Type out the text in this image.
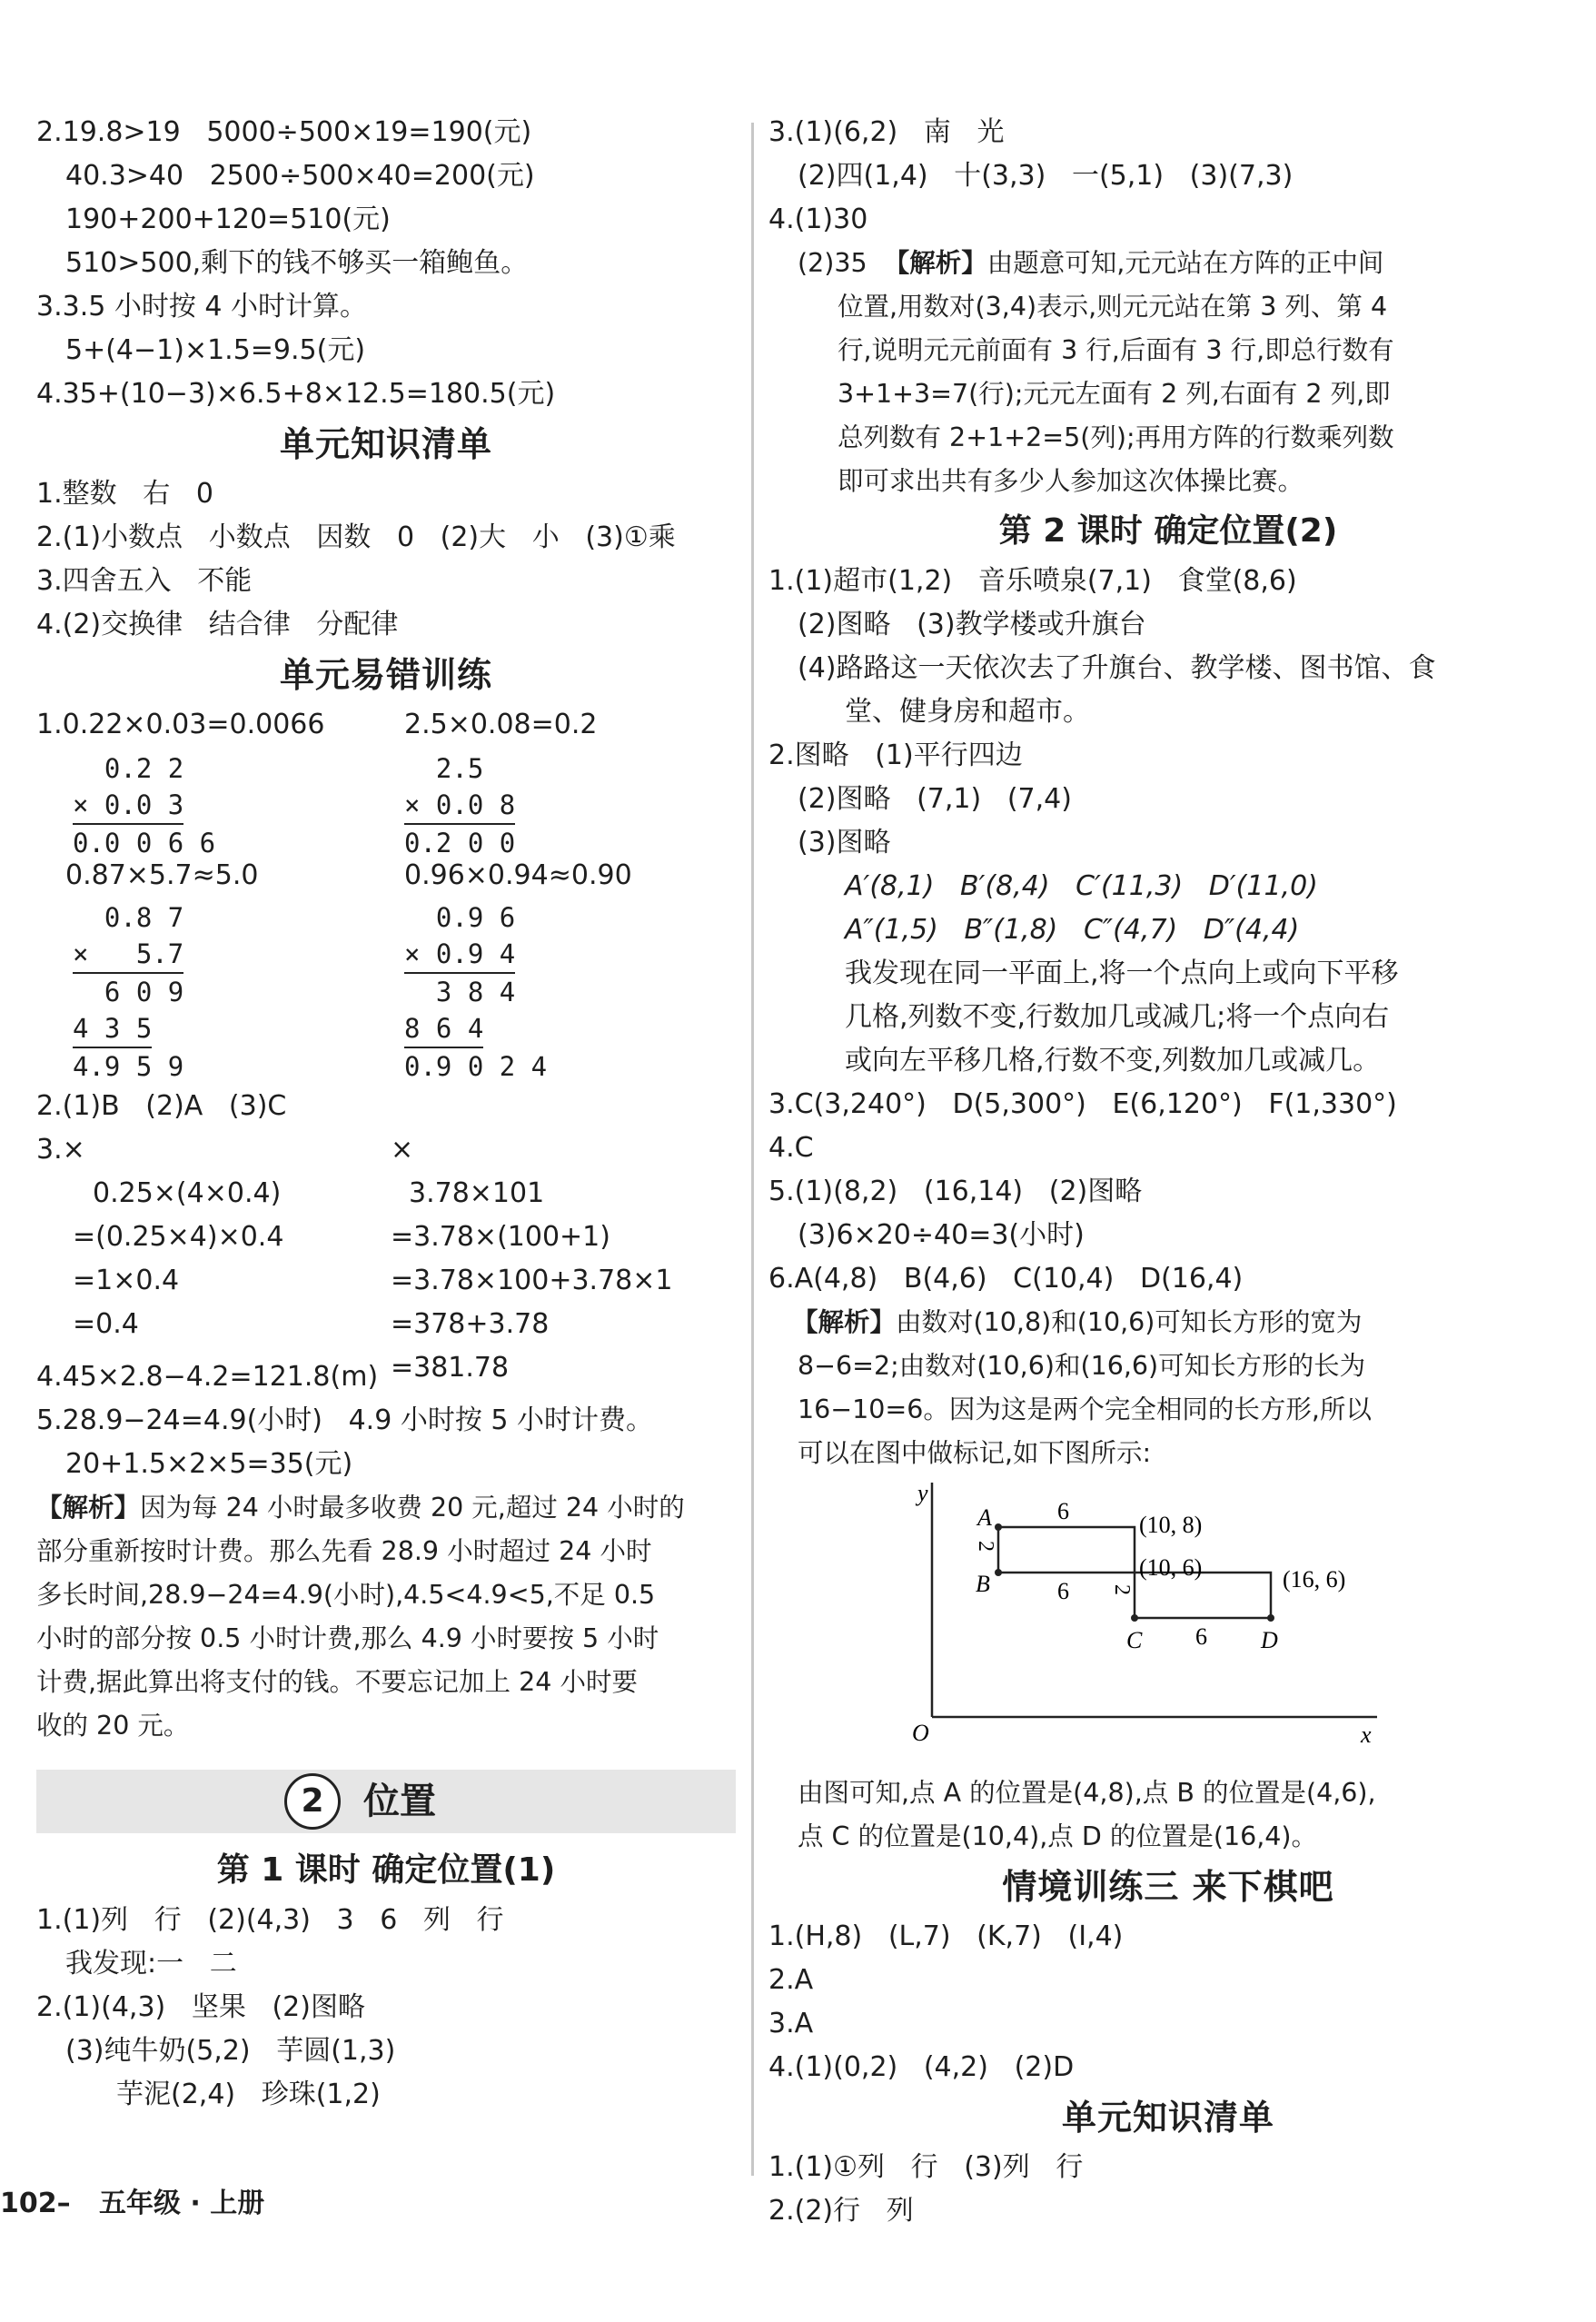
2.19.8>19   5000÷500×19=190(元)
40.3>40   2500÷500×40=200(元)
190+200+120=510(元)
510>500,剩下的钱不够买一箱鲍鱼。
3.3.5 小时按 4 小时计算。
5+(4−1)×1.5=9.5(元)
4.35+(10−3)×6.5+8×12.5=180.5(元)
单元知识清单
1.整数   右   0
2.(1)小数点   小数点   因数   0   (2)大   小   (3)①乘
3.四舍五入   不能
4.(2)交换律   结合律   分配律
单元易错训练
1.0.22×0.03=0.0066	2.5×0.08=0.2
0.2 2
× 0.0 3
0.0 0 6 6
2.5
× 0.0 8
0.2 0 0
0.87×5.7≈5.0	0.96×0.94≈0.90
0.8 7
×   5.7
6 0 9
4 3 5
4.9 5 9
0.9 6
× 0.9 4
3 8 4
8 6 4
0.9 0 2 4
2.(1)B   (2)A   (3)C
3.×	×
0.25×(4×0.4)
=(0.25×4)×0.4
=1×0.4
=0.4
3.78×101
=3.78×(100+1)
=3.78×100+3.78×1
=378+3.78
=381.78
4.45×2.8−4.2=121.8(m)
5.28.9−24=4.9(小时)   4.9 小时按 5 小时计费。
20+1.5×2×5=35(元)
【解析】因为每 24 小时最多收费 20 元,超过 24 小时的
部分重新按时计费。那么先看 28.9 小时超过 24 小时
多长时间,28.9−24=4.9(小时),4.5<4.9<5,不足 0.5
小时的部分按 0.5 小时计费,那么 4.9 小时要按 5 小时
计费,据此算出将支付的钱。不要忘记加上 24 小时要
收的 20 元。
2	位置
第 1 课时 确定位置(1)
1.(1)列   行   (2)(4,3)   3   6   列   行
我发现:一   二
2.(1)(4,3)   坚果   (2)图略
(3)纯牛奶(5,2)   芋圆(1,3)
芋泥(2,4)   珍珠(1,2)
3.(1)(6,2)   南   光
(2)四(1,4)   十(3,3)   一(5,1)   (3)(7,3)
4.(1)30
(2)35 【解析】由题意可知,元元站在方阵的正中间
位置,用数对(3,4)表示,则元元站在第 3 列、第 4
行,说明元元前面有 3 行,后面有 3 行,即总行数有
3+1+3=7(行);元元左面有 2 列,右面有 2 列,即
总列数有 2+1+2=5(列);再用方阵的行数乘列数
即可求出共有多少人参加这次体操比赛。
第 2 课时 确定位置(2)
1.(1)超市(1,2)   音乐喷泉(7,1)   食堂(8,6)
(2)图略   (3)教学楼或升旗台
(4)路路这一天依次去了升旗台、教学楼、图书馆、食
堂、健身房和超市。
2.图略   (1)平行四边
(2)图略   (7,1)   (7,4)
(3)图略
A′(8,1)   B′(8,4)   C′(11,3)   D′(11,0)
A″(1,5)   B″(1,8)   C″(4,7)   D″(4,4)
我发现在同一平面上,将一个点向上或向下平移
几格,列数不变,行数加几或减几;将一个点向右
或向左平移几格,行数不变,列数加几或减几。
3.C(3,240°)   D(5,300°)   E(6,120°)   F(1,330°)
4.C
5.(1)(8,2)   (16,14)   (2)图略
(3)6×20÷40=3(小时)
6.A(4,8)   B(4,6)   C(10,4)   D(16,4)
【解析】由数对(10,8)和(10,6)可知长方形的宽为
8−6=2;由数对(10,6)和(16,6)可知长方形的长为
16−10=6。因为这是两个完全相同的长方形,所以
可以在图中做标记,如下图所示:
y
x
O
A
B
C	D
6
6
6
2
2
(10, 8)
(10, 6)	(16, 6)
由图可知,点 A 的位置是(4,8),点 B 的位置是(4,6),
点 C 的位置是(10,4),点 D 的位置是(16,4)。
情境训练三 来下棋吧
1.(H,8)   (L,7)   (K,7)   (I,4)
2.A
3.A
4.(1)(0,2)   (4,2)   (2)D
单元知识清单
1.(1)①列   行   (3)列   行
2.(2)行   列
102–   五年级 · 上册
